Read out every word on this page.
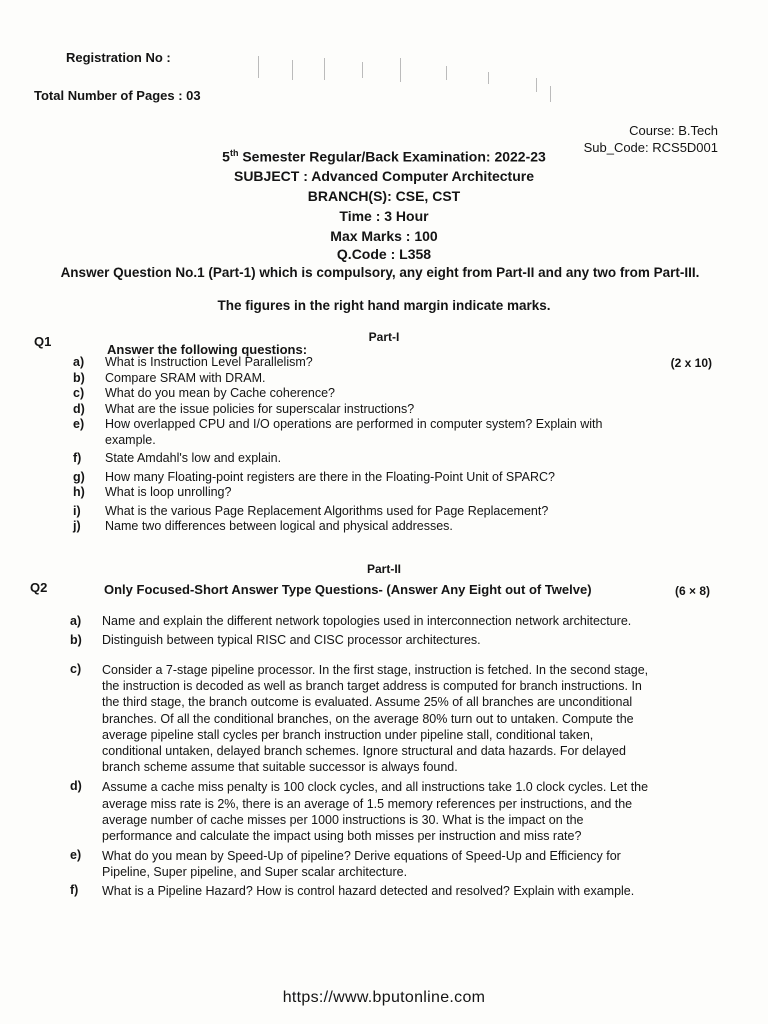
Registration No :
Total Number of Pages : 03
Course: B.Tech
Sub_Code: RCS5D001
5th Semester Regular/Back Examination: 2022-23
SUBJECT : Advanced Computer Architecture
BRANCH(S): CSE, CST
Time : 3 Hour
Max Marks : 100
Q.Code : L358
Answer Question No.1 (Part-1) which is compulsory, any eight from Part-II and any two from Part-III.
The figures in the right hand margin indicate marks.
Part-I
Q1
Answer the following questions:
(2 x 10)
a)	What is Instruction Level Parallelism?
b)	Compare SRAM with DRAM.
c)	What do you mean by Cache coherence?
d)	What are the issue policies for superscalar instructions?
e)	How overlapped CPU and I/O operations are performed in computer system? Explain with example.
f)	State Amdahl's low and explain.
g)	How many Floating-point registers are there in the Floating-Point Unit of SPARC?
h)	What is loop unrolling?
i)	What is the various Page Replacement Algorithms used for Page Replacement?
j)	Name two differences between logical and physical addresses.
Part-II
Q2	Only Focused-Short Answer Type Questions- (Answer Any Eight out of Twelve)	(6 × 8)
a)	Name and explain the different network topologies used in interconnection network architecture.
b)	Distinguish between typical RISC and CISC processor architectures.
c)	Consider a 7-stage pipeline processor. In the first stage, instruction is fetched. In the second stage, the instruction is decoded as well as branch target address is computed for branch instructions. In the third stage, the branch outcome is evaluated. Assume 25% of all branches are unconditional branches. Of all the conditional branches, on the average 80% turn out to untaken. Compute the average pipeline stall cycles per branch instruction under pipeline stall, conditional taken, conditional untaken, delayed branch schemes. Ignore structural and data hazards. For delayed branch scheme assume that suitable successor is always found.
d)	Assume a cache miss penalty is 100 clock cycles, and all instructions take 1.0 clock cycles. Let the average miss rate is 2%, there is an average of 1.5 memory references per instructions, and the average number of cache misses per 1000 instructions is 30. What is the impact on the performance and calculate the impact using both misses per instruction and miss rate?
e)	What do you mean by Speed-Up of pipeline? Derive equations of Speed-Up and Efficiency for Pipeline, Super pipeline, and Super scalar architecture.
f)	What is a Pipeline Hazard? How is control hazard detected and resolved? Explain with example.
https://www.bputonline.com
